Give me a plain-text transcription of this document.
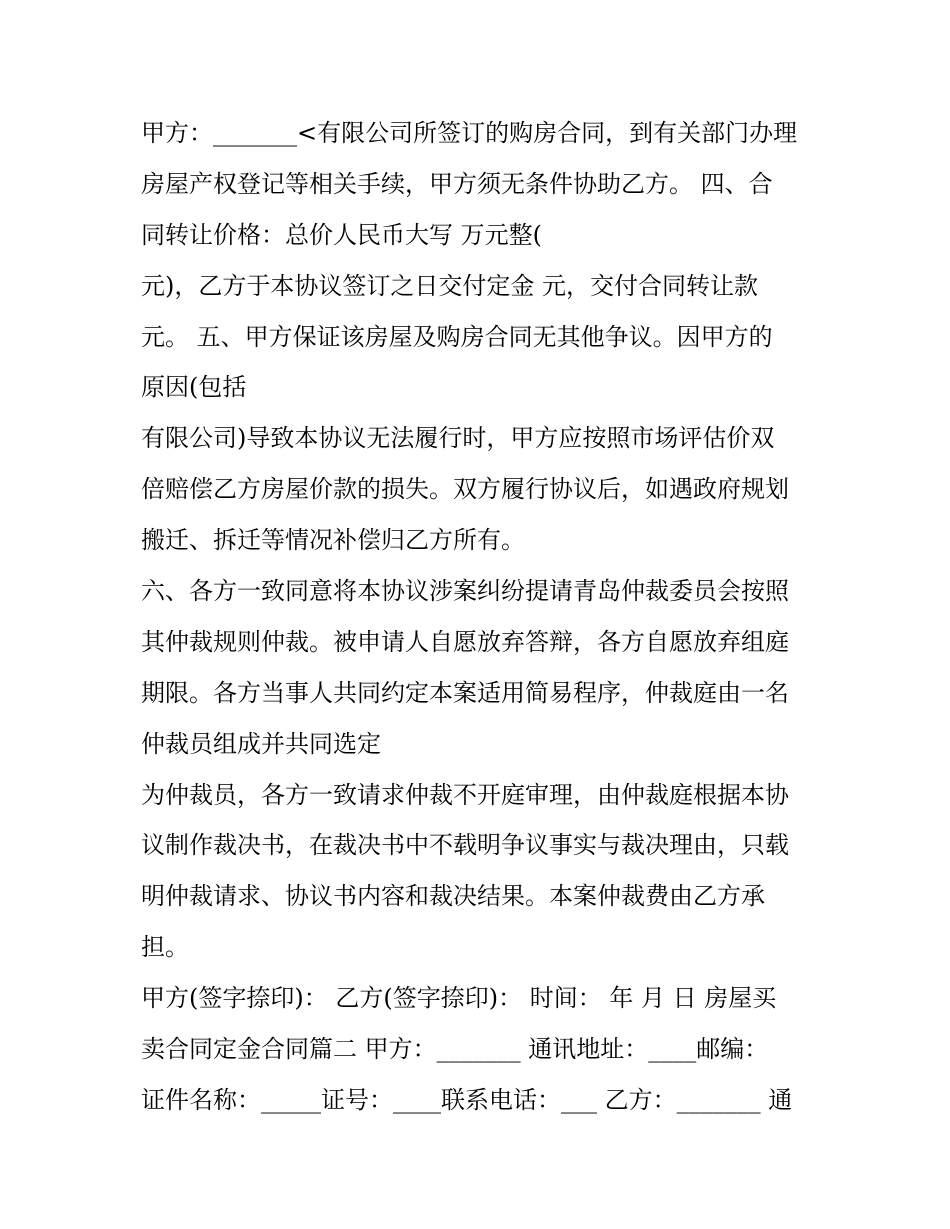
甲方：_______<有限公司所签订的购房合同，到有关部门办理
房屋产权登记等相关手续，甲方须无条件协助乙方。 四、合
同转让价格：总价人民币大写 万元整(
元)，乙方于本协议签订之日交付定金 元，交付合同转让款
元。 五、甲方保证该房屋及购房合同无其他争议。因甲方的
原因(包括
有限公司)导致本协议无法履行时，甲方应按照市场评估价双
倍赔偿乙方房屋价款的损失。双方履行协议后，如遇政府规划
搬迁、拆迁等情况补偿归乙方所有。
六、各方一致同意将本协议涉案纠纷提请青岛仲裁委员会按照
其仲裁规则仲裁。被申请人自愿放弃答辩，各方自愿放弃组庭
期限。各方当事人共同约定本案适用简易程序，仲裁庭由一名
仲裁员组成并共同选定
为仲裁员，各方一致请求仲裁不开庭审理，由仲裁庭根据本协
议制作裁决书，在裁决书中不载明争议事实与裁决理由，只载
明仲裁请求、协议书内容和裁决结果。本案仲裁费由乙方承
担。
甲方(签字捺印)： 乙方(签字捺印)： 时间： 年 月 日 房屋买
卖合同定金合同篇二 甲方：_______ 通讯地址：____邮编：
证件名称：_____证号：____联系电话：___ 乙方：_______ 通
